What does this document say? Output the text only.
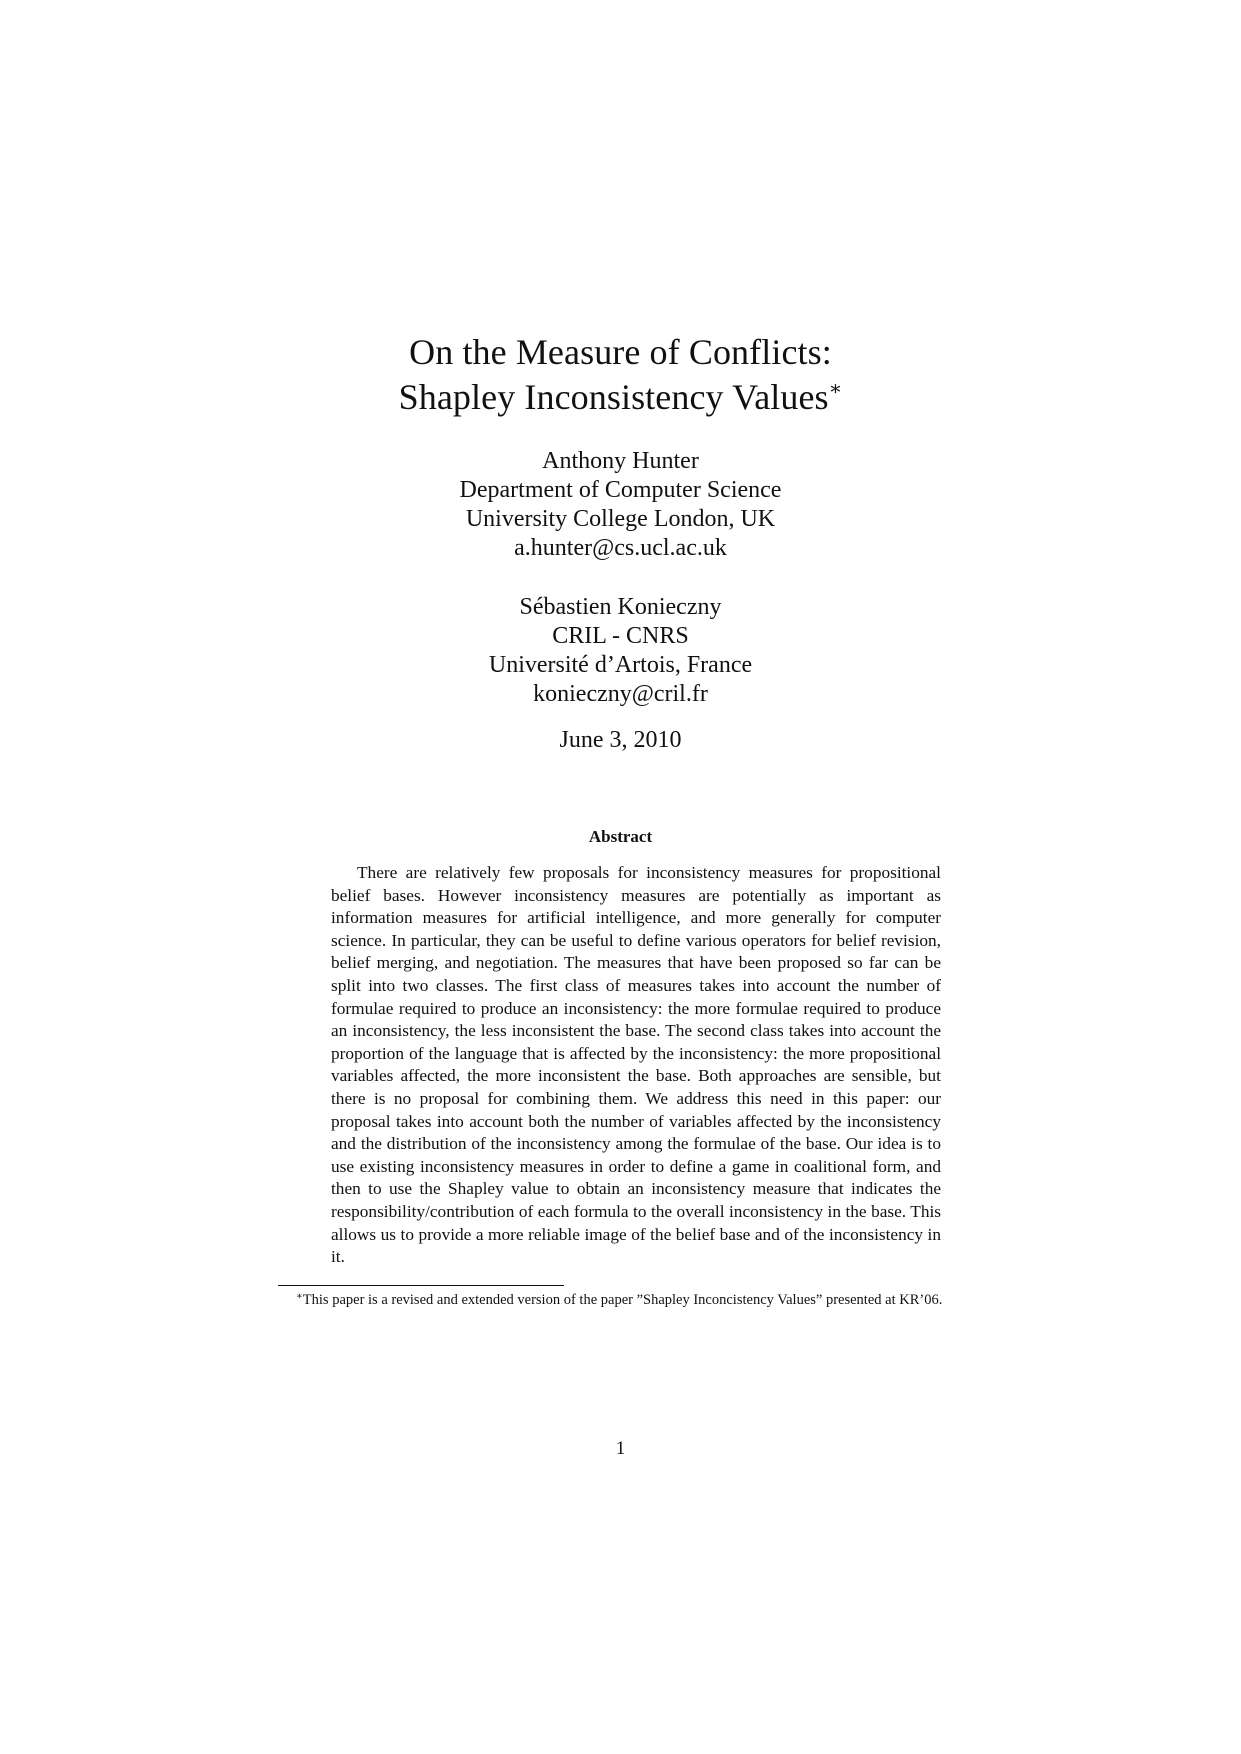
On the Measure of Conflicts:
Shapley Inconsistency Values∗
Anthony Hunter
Department of Computer Science
University College London, UK
a.hunter@cs.ucl.ac.uk
Sébastien Konieczny
CRIL - CNRS
Université d’Artois, France
konieczny@cril.fr
June 3, 2010
Abstract
There are relatively few proposals for inconsistency measures for propositional belief bases. However inconsistency measures are potentially as important as information measures for artificial intelligence, and more generally for computer science. In particular, they can be useful to define various operators for belief revision, belief merging, and negotiation. The measures that have been proposed so far can be split into two classes. The first class of measures takes into account the number of formulae required to produce an inconsistency: the more formulae required to produce an inconsistency, the less inconsistent the base. The second class takes into account the proportion of the language that is affected by the inconsistency: the more propositional variables affected, the more inconsistent the base. Both approaches are sensible, but there is no proposal for combining them. We address this need in this paper: our proposal takes into account both the number of variables affected by the inconsistency and the distribution of the inconsistency among the formulae of the base. Our idea is to use existing inconsistency measures in order to define a game in coalitional form, and then to use the Shapley value to obtain an inconsistency measure that indicates the responsibility/contribution of each formula to the overall inconsistency in the base. This allows us to provide a more reliable image of the belief base and of the inconsistency in it.
∗This paper is a revised and extended version of the paper ”Shapley Inconcistency Values” presented at KR’06.
1
